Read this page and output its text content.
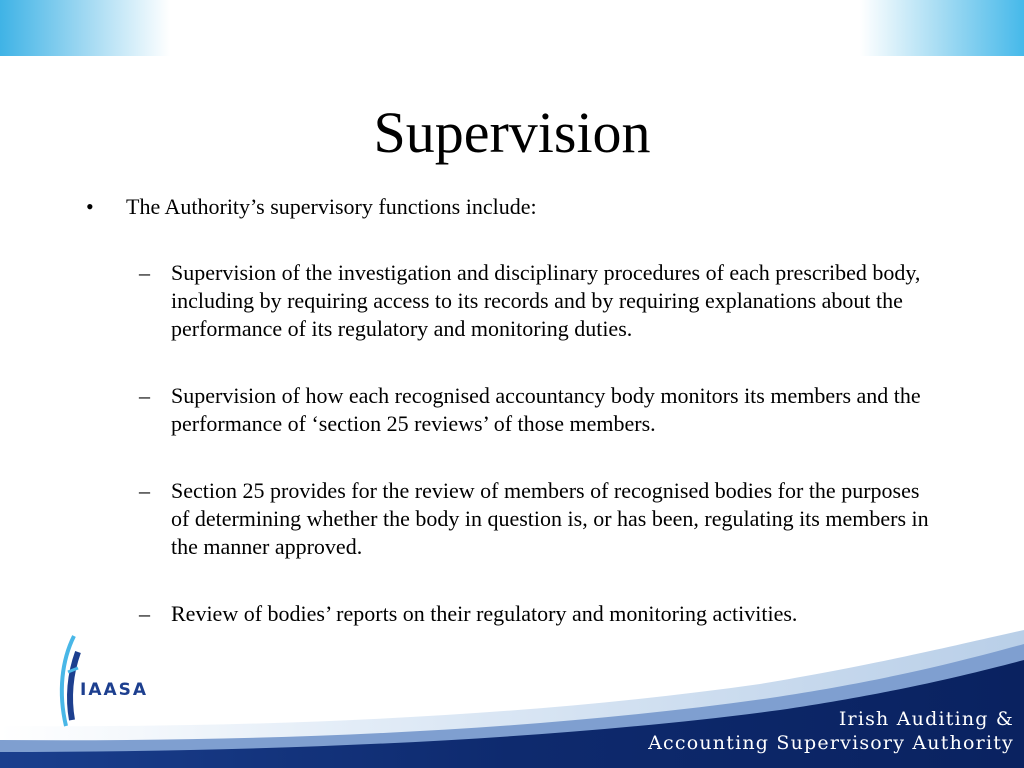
Supervision
• The Authority’s supervisory functions include:
– Supervision of the investigation and disciplinary procedures of each prescribed body, including by requiring access to its records and by requiring explanations about the performance of its regulatory and monitoring duties.
– Supervision of how each recognised accountancy body monitors its members and the performance of ‘section 25 reviews’ of those members.
– Section 25 provides for the review of members of recognised bodies for the purposes of determining whether the body in question is, or has been, regulating its members in the manner approved.
– Review of bodies’ reports on their regulatory and monitoring activities.
IAASA
Irish Auditing &
Accounting Supervisory Authority
